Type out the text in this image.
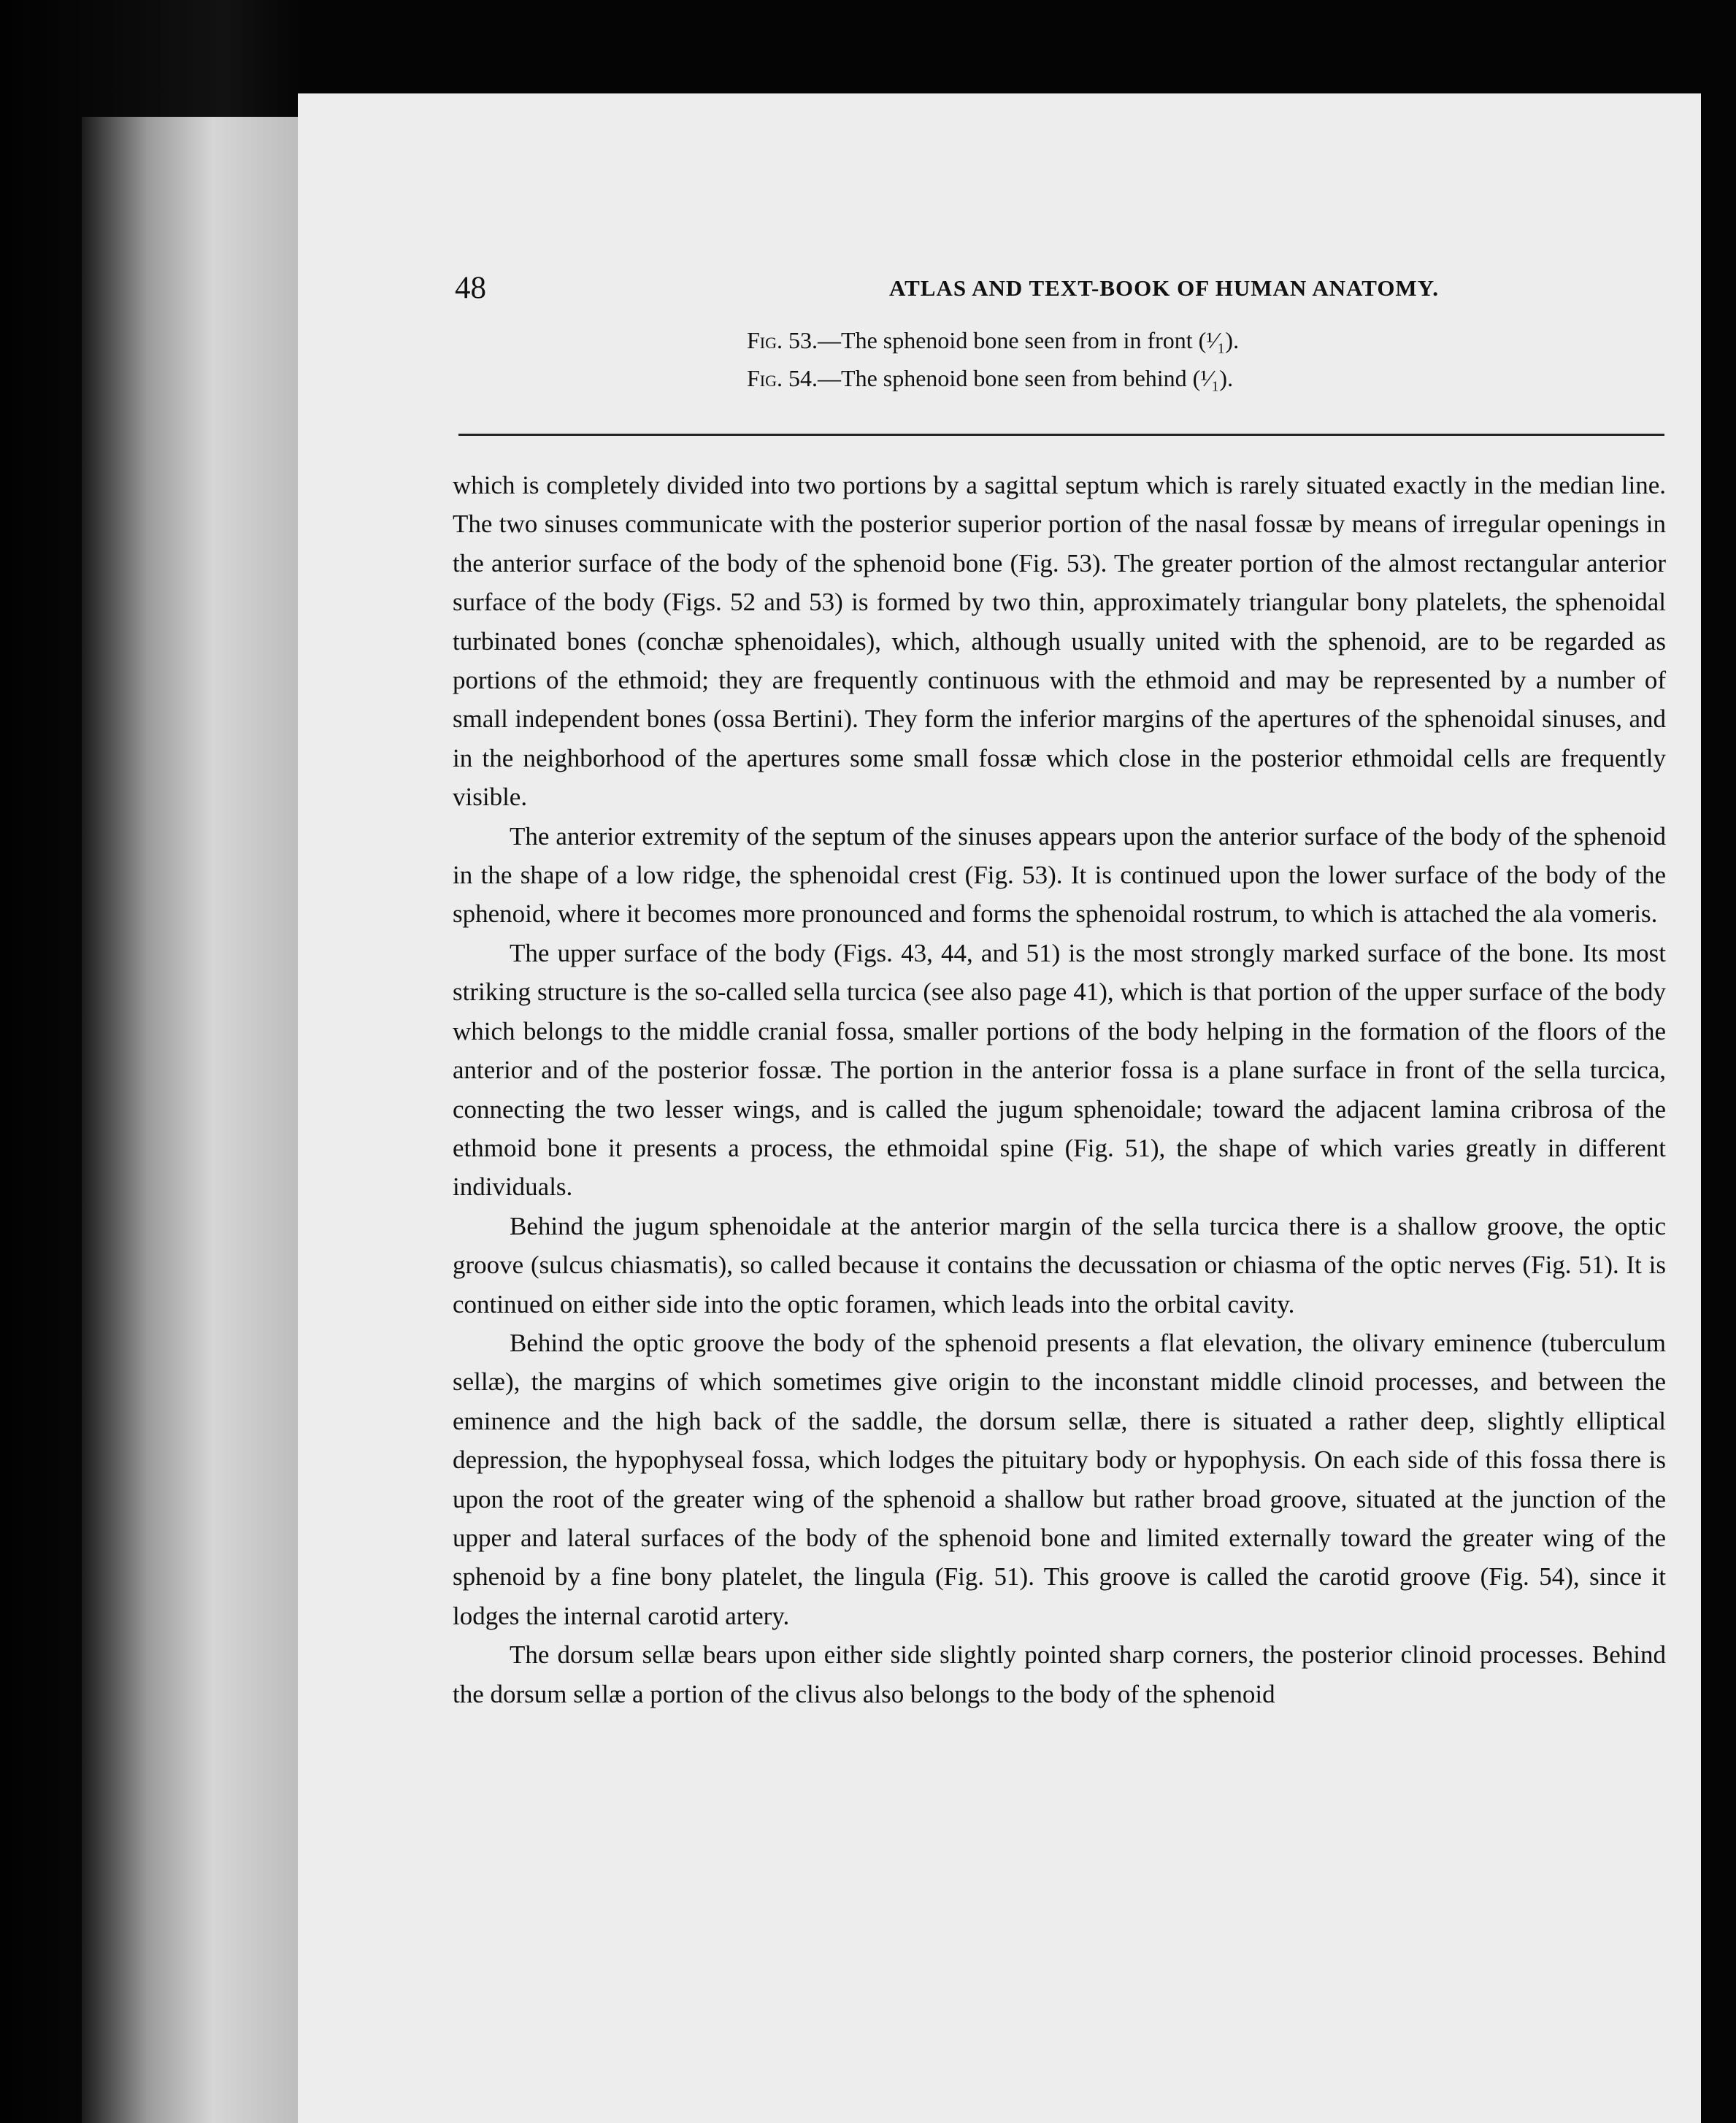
48	ATLAS AND TEXT-BOOK OF HUMAN ANATOMY.
Fig. 53.—The sphenoid bone seen from in front (¹⁄₁).
Fig. 54.—The sphenoid bone seen from behind (¹⁄₁).

which is completely divided into two portions by a sagittal septum which is rarely situated exactly in the median line. The two sinuses communicate with the posterior superior portion of the nasal fossæ by means of irregular openings in the anterior surface of the body of the sphenoid bone (Fig. 53). The greater portion of the almost rectangular anterior surface of the body (Figs. 52 and 53) is formed by two thin, approximately triangular bony platelets, the sphenoidal turbinated bones (conchæ sphenoidales), which, although usually united with the sphenoid, are to be regarded as portions of the ethmoid; they are frequently continuous with the ethmoid and may be represented by a number of small independent bones (ossa Bertini). They form the inferior margins of the apertures of the sphenoidal sinuses, and in the neighborhood of the apertures some small fossæ which close in the posterior ethmoidal cells are frequently visible.

The anterior extremity of the septum of the sinuses appears upon the anterior surface of the body of the sphenoid in the shape of a low ridge, the sphenoidal crest (Fig. 53). It is continued upon the lower surface of the body of the sphenoid, where it becomes more pronounced and forms the sphenoidal rostrum, to which is attached the ala vomeris.

The upper surface of the body (Figs. 43, 44, and 51) is the most strongly marked surface of the bone. Its most striking structure is the so-called sella turcica (see also page 41), which is that portion of the upper surface of the body which belongs to the middle cranial fossa, smaller portions of the body helping in the formation of the floors of the anterior and of the posterior fossæ. The portion in the anterior fossa is a plane surface in front of the sella turcica, connecting the two lesser wings, and is called the jugum sphenoidale; toward the adjacent lamina cribrosa of the ethmoid bone it presents a process, the ethmoidal spine (Fig. 51), the shape of which varies greatly in different individuals.

Behind the jugum sphenoidale at the anterior margin of the sella turcica there is a shallow groove, the optic groove (sulcus chiasmatis), so called because it contains the decussation or chiasma of the optic nerves (Fig. 51). It is continued on either side into the optic foramen, which leads into the orbital cavity.

Behind the optic groove the body of the sphenoid presents a flat elevation, the olivary eminence (tuberculum sellæ), the margins of which sometimes give origin to the inconstant middle clinoid processes, and between the eminence and the high back of the saddle, the dorsum sellæ, there is situated a rather deep, slightly elliptical depression, the hypophyseal fossa, which lodges the pituitary body or hypophysis. On each side of this fossa there is upon the root of the greater wing of the sphenoid a shallow but rather broad groove, situated at the junction of the upper and lateral surfaces of the body of the sphenoid bone and limited externally toward the greater wing of the sphenoid by a fine bony platelet, the lingula (Fig. 51). This groove is called the carotid groove (Fig. 54), since it lodges the internal carotid artery.

The dorsum sellæ bears upon either side slightly pointed sharp corners, the posterior clinoid processes. Behind the dorsum sellæ a portion of the clivus also belongs to the body of the sphenoid
